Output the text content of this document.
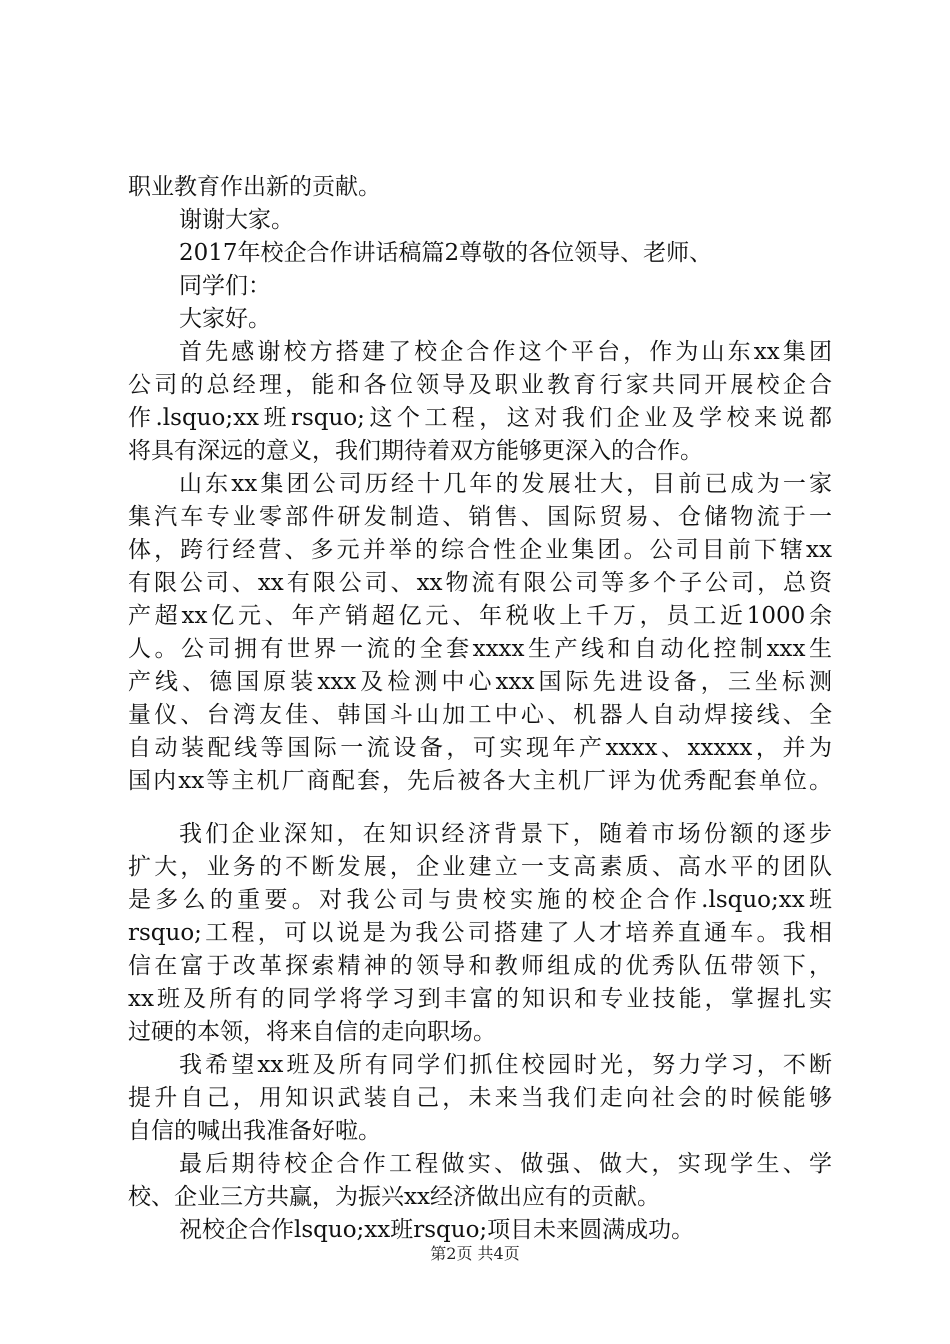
职业教育作出新的贡献。
谢谢大家。
2017年校企合作讲话稿篇2尊敬的各位领导、老师、
同学们：
大家好。
首先感谢校方搭建了校企合作这个平台，作为山东xx集团
公司的总经理，能和各位领导及职业教育行家共同开展校企合
作.lsquo;xx班rsquo;这个工程，这对我们企业及学校来说都
将具有深远的意义，我们期待着双方能够更深入的合作。
山东xx集团公司历经十几年的发展壮大，目前已成为一家
集汽车专业零部件研发制造、销售、国际贸易、仓储物流于一
体，跨行经营、多元并举的综合性企业集团。公司目前下辖xx
有限公司、xx有限公司、xx物流有限公司等多个子公司，总资
产超xx亿元、年产销超亿元、年税收上千万，员工近1000余
人。公司拥有世界一流的全套xxxx生产线和自动化控制xxx生
产线、德国原装xxx及检测中心xxx国际先进设备，三坐标测
量仪、台湾友佳、韩国斗山加工中心、机器人自动焊接线、全
自动装配线等国际一流设备，可实现年产xxxx、xxxxx，并为
国内xx等主机厂商配套，先后被各大主机厂评为优秀配套单位。
我们企业深知，在知识经济背景下，随着市场份额的逐步
扩大，业务的不断发展，企业建立一支高素质、高水平的团队
是多么的重要。对我公司与贵校实施的校企合作.lsquo;xx班
rsquo;工程，可以说是为我公司搭建了人才培养直通车。我相
信在富于改革探索精神的领导和教师组成的优秀队伍带领下，
xx班及所有的同学将学习到丰富的知识和专业技能，掌握扎实
过硬的本领，将来自信的走向职场。
我希望xx班及所有同学们抓住校园时光，努力学习，不断
提升自己，用知识武装自己，未来当我们走向社会的时候能够
自信的喊出我准备好啦。
最后期待校企合作工程做实、做强、做大，实现学生、学
校、企业三方共赢，为振兴xx经济做出应有的贡献。
祝校企合作lsquo;xx班rsquo;项目未来圆满成功。
第2页 共4页
